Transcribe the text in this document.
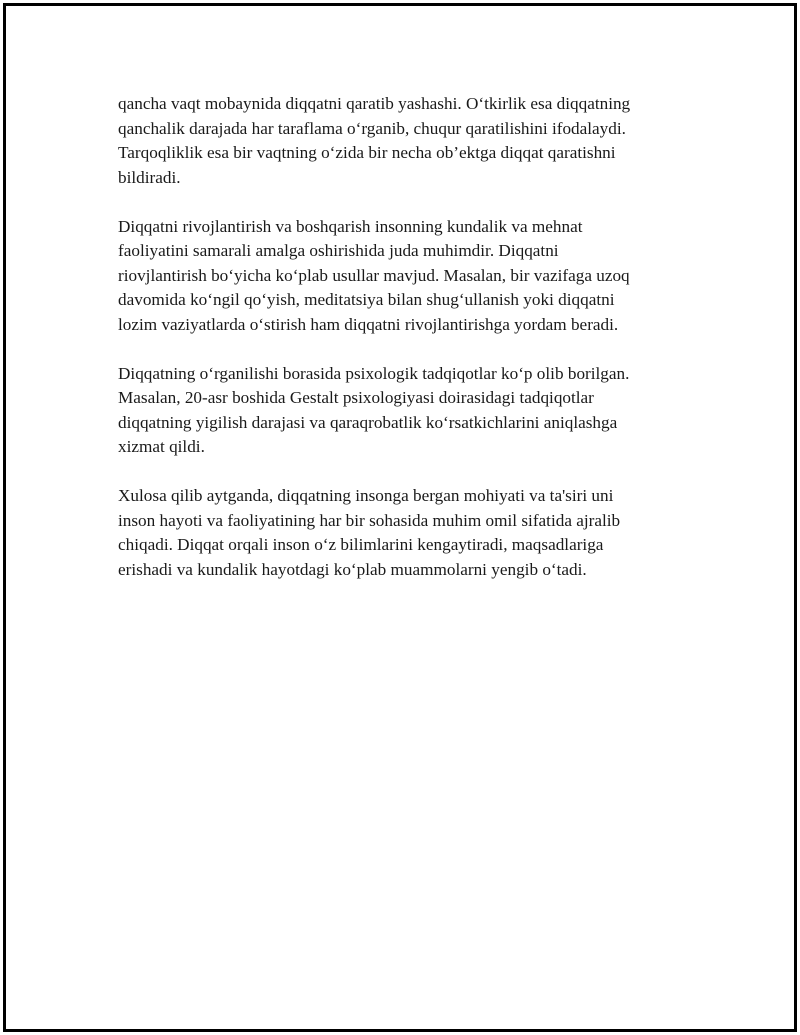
qancha vaqt mobaynida diqqatni qaratib yashashi. O‘tkirlik esa diqqatning
qanchalik darajada har taraflama o‘rganib, chuqur qaratilishini ifodalaydi.
Tarqoqliklik esa bir vaqtning o‘zida bir necha ob’ektga diqqat qaratishni
bildiradi.

Diqqatni rivojlantirish va boshqarish insonning kundalik va mehnat
faoliyatini samarali amalga oshirishida juda muhimdir. Diqqatni
riovjlantirish bo‘yicha ko‘plab usullar mavjud. Masalan, bir vazifaga uzoq
davomida ko‘ngil qo‘yish, meditatsiya bilan shug‘ullanish yoki diqqatni
lozim vaziyatlarda o‘stirish ham diqqatni rivojlantirishga yordam beradi.

Diqqatning o‘rganilishi borasida psixologik tadqiqotlar ko‘p olib borilgan.
Masalan, 20-asr boshida Gestalt psixologiyasi doirasidagi tadqiqotlar
diqqatning yigilish darajasi va qaraqrobatlik ko‘rsatkichlarini aniqlashga
xizmat qildi.

Xulosa qilib aytganda, diqqatning insonga bergan mohiyati va ta'siri uni
inson hayoti va faoliyatining har bir sohasida muhim omil sifatida ajralib
chiqadi. Diqqat orqali inson o‘z bilimlarini kengaytiradi, maqsadlariga
erishadi va kundalik hayotdagi ko‘plab muammolarni yengib o‘tadi.
